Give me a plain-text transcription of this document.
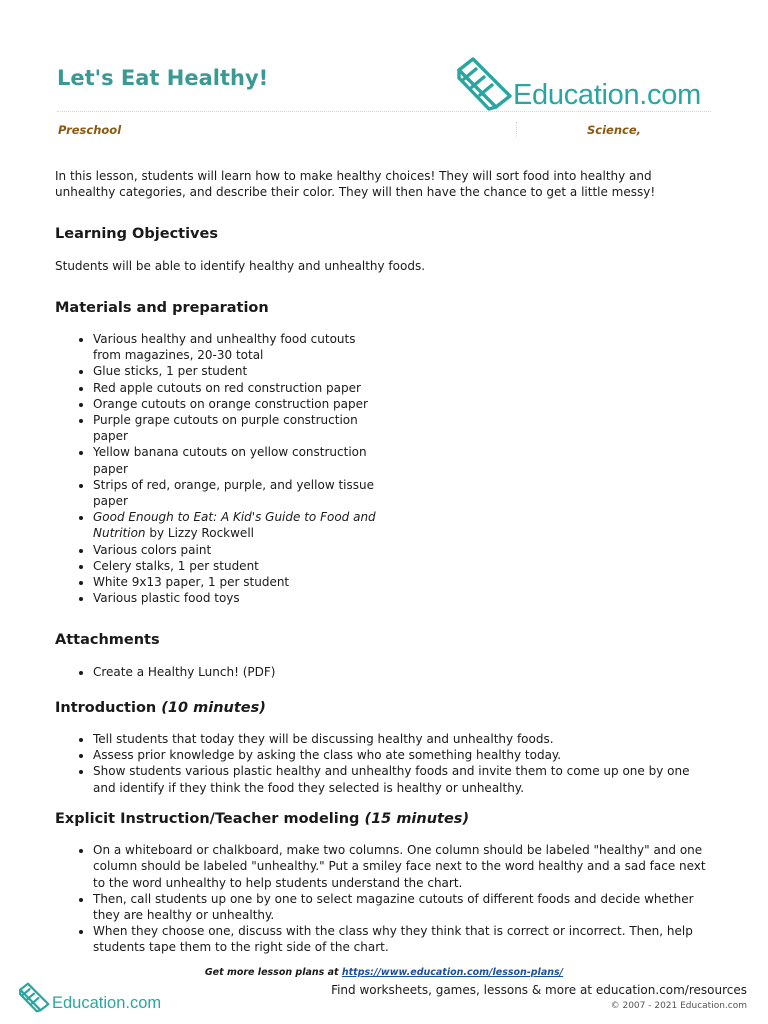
Let's Eat Healthy!
Education.com
Preschool	Science,

In this lesson, students will learn how to make healthy choices! They will sort food into healthy and unhealthy categories, and describe their color. They will then have the chance to get a little messy!

Learning Objectives

Students will be able to identify healthy and unhealthy foods.

Materials and preparation
• Various healthy and unhealthy food cutouts from magazines, 20-30 total
• Glue sticks, 1 per student
• Red apple cutouts on red construction paper
• Orange cutouts on orange construction paper
• Purple grape cutouts on purple construction paper
• Yellow banana cutouts on yellow construction paper
• Strips of red, orange, purple, and yellow tissue paper
• Good Enough to Eat: A Kid's Guide to Food and Nutrition by Lizzy Rockwell
• Various colors paint
• Celery stalks, 1 per student
• White 9x13 paper, 1 per student
• Various plastic food toys
Attachments
• Create a Healthy Lunch! (PDF)
Introduction (10 minutes)
• Tell students that today they will be discussing healthy and unhealthy foods.
• Assess prior knowledge by asking the class who ate something healthy today.
• Show students various plastic healthy and unhealthy foods and invite them to come up one by one and identify if they think the food they selected is healthy or unhealthy.
Explicit Instruction/Teacher modeling (15 minutes)
• On a whiteboard or chalkboard, make two columns. One column should be labeled "healthy" and one column should be labeled "unhealthy." Put a smiley face next to the word healthy and a sad face next to the word unhealthy to help students understand the chart.
• Then, call students up one by one to select magazine cutouts of different foods and decide whether they are healthy or unhealthy.
• When they choose one, discuss with the class why they think that is correct or incorrect. Then, help students tape them to the right side of the chart.
Get more lesson plans at https://www.education.com/lesson-plans/
Education.com
Find worksheets, games, lessons & more at education.com/resources
© 2007 - 2021 Education.com
